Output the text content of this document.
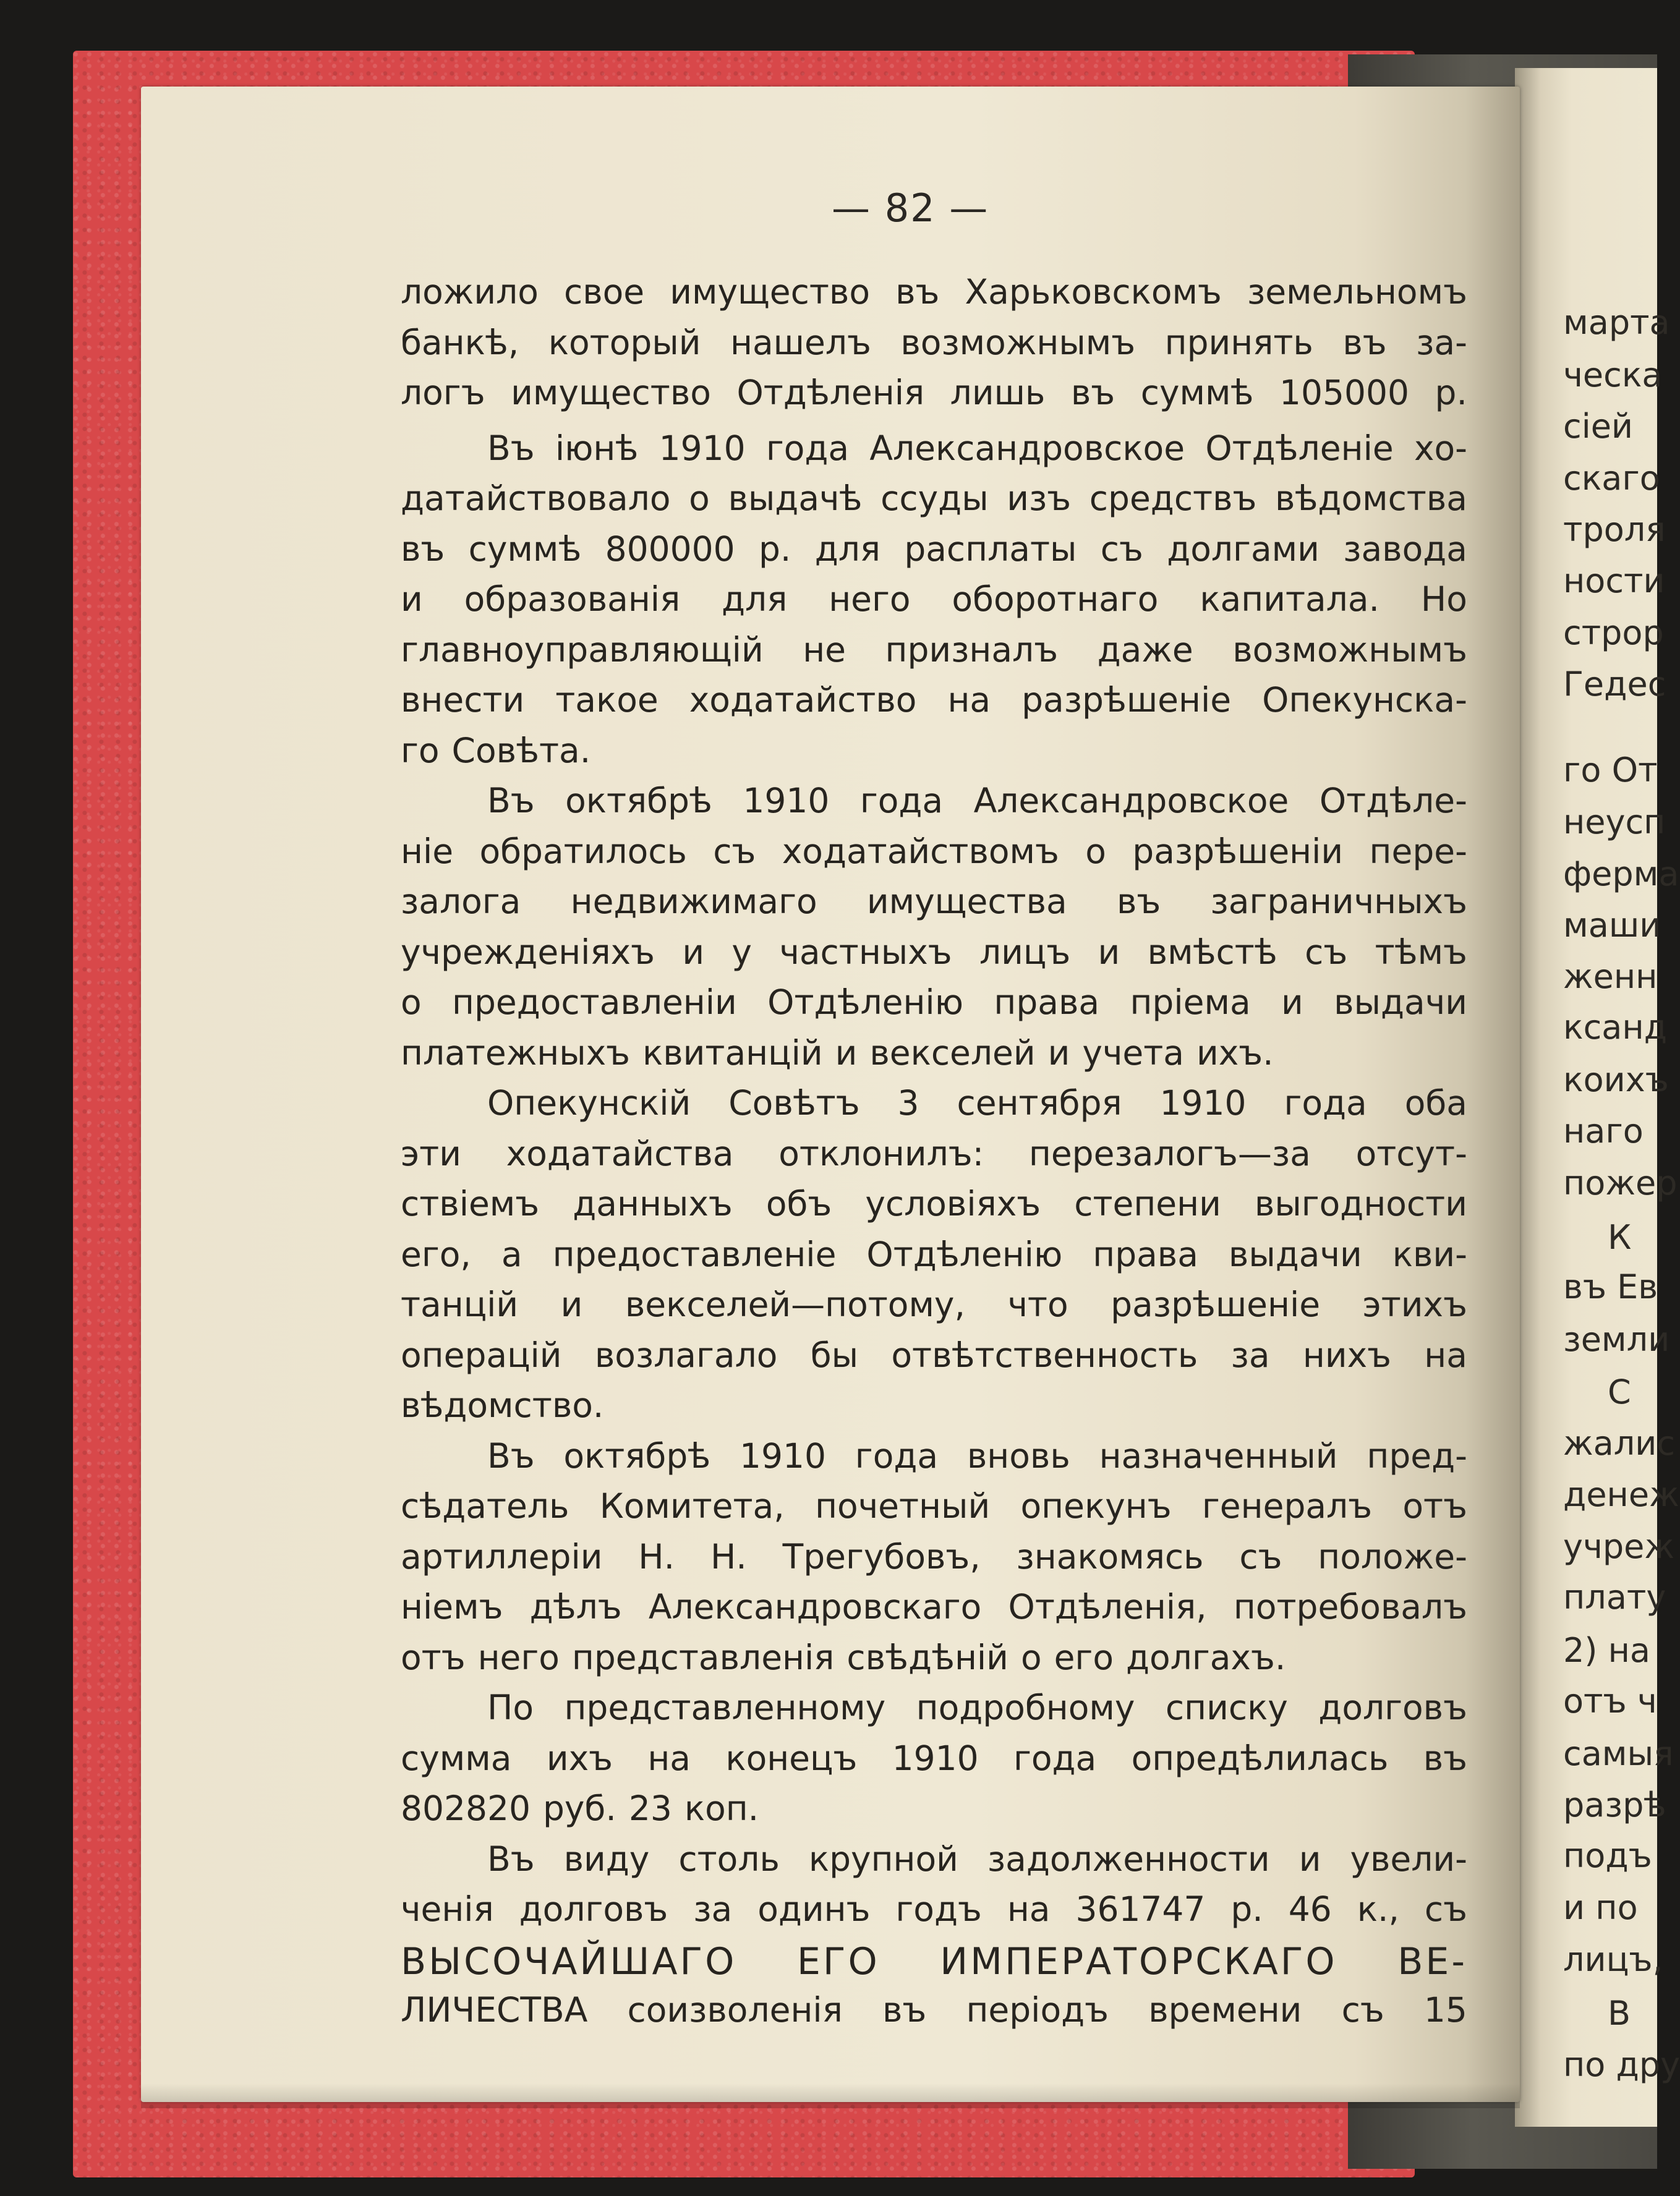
марта
ческа
сіей
скаго
троля
ности
строр
Гедес
го От
неусп
ферма
маши
женн
ксанд
коихъ
наго
пожер
К
въ Ев
земли
С
жалис
денеж
учреж
плату
2) на
отъ ч
самыя
разрѣ
подъ
и по
лицъ,
В
по дру
— 82 —
ложило свое имущество въ Харьковскомъ земельномъ
банкѣ, который нашелъ возможнымъ принять въ за-
логъ имущество Отдѣленія лишь въ суммѣ 105000 р.
Въ іюнѣ 1910 года Александровское Отдѣленіе хо-
датайствовало о выдачѣ ссуды изъ средствъ вѣдомства
въ суммѣ 800000 р. для расплаты съ долгами завода
и образованія для него оборотнаго капитала. Но
главноуправляющій не призналъ даже возможнымъ
внести такое ходатайство на разрѣшеніе Опекунска-
го Совѣта.
Въ октябрѣ 1910 года Александровское Отдѣле-
ніе обратилось съ ходатайствомъ о разрѣшеніи пере-
залога недвижимаго имущества въ заграничныхъ
учрежденіяхъ и у частныхъ лицъ и вмѣстѣ съ тѣмъ
о предоставленіи Отдѣленію права пріема и выдачи
платежныхъ квитанцій и векселей и учета ихъ.
Опекунскій Совѣтъ 3 сентября 1910 года оба
эти ходатайства отклонилъ: перезалогъ—за отсут-
ствіемъ данныхъ объ условіяхъ степени выгодности
его, а предоставленіе Отдѣленію права выдачи кви-
танцій и векселей—потому, что разрѣшеніе этихъ
операцій возлагало бы отвѣтственность за нихъ на
вѣдомство.
Въ октябрѣ 1910 года вновь назначенный пред-
сѣдатель Комитета, почетный опекунъ генералъ отъ
артиллеріи Н. Н. Трегубовъ, знакомясь съ положе-
ніемъ дѣлъ Александровскаго Отдѣленія, потребовалъ
отъ него представленія свѣдѣній о его долгахъ.
По представленному подробному списку долговъ
сумма ихъ на конецъ 1910 года опредѣлилась въ
802820 руб. 23 коп.
Въ виду столь крупной задолженности и увели-
ченія долговъ за одинъ годъ на 361747 р. 46 к., съ
ВЫСОЧАЙШАГО ЕГО ИМПЕРАТОРСКАГО ВЕ-
ЛИЧЕСТВА соизволенія въ періодъ времени съ 15
